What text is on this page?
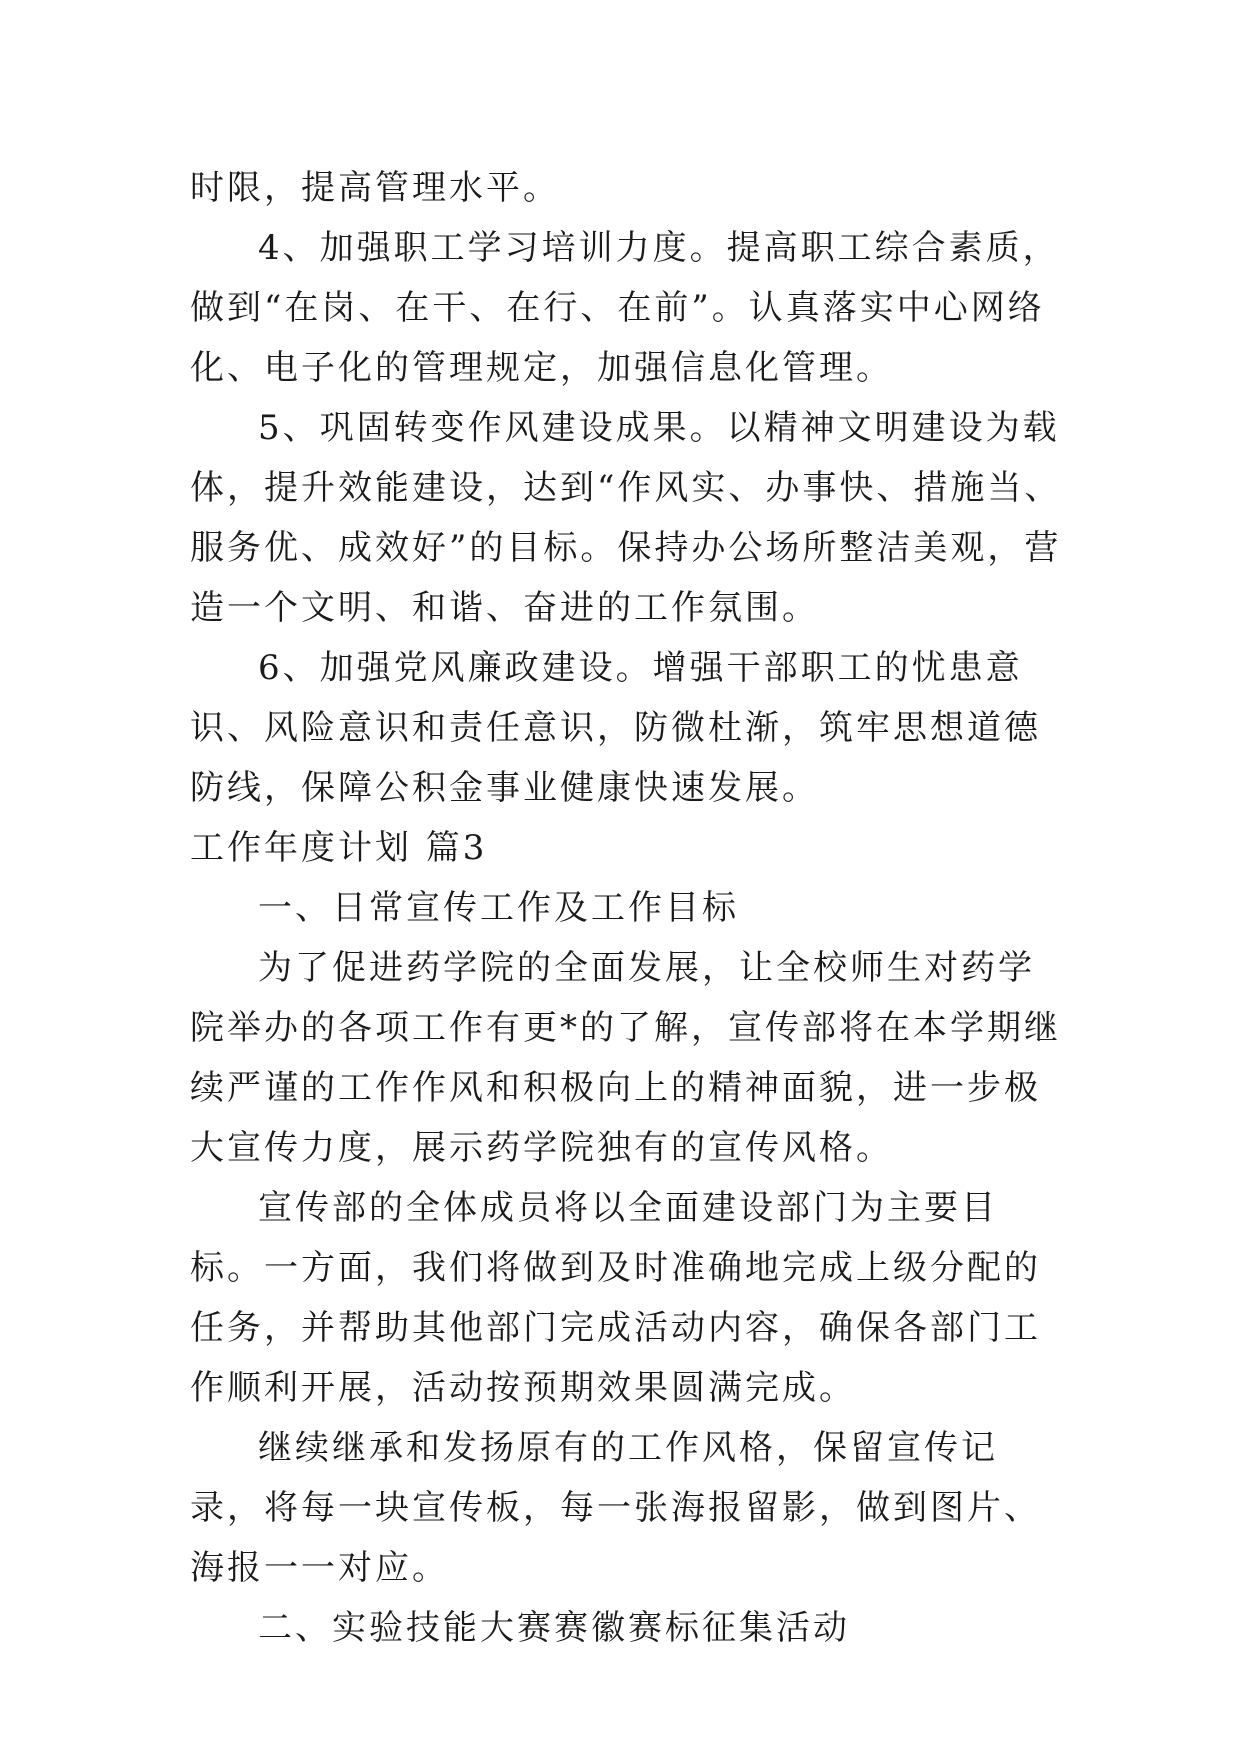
时限，提高管理水平。

4、加强职工学习培训力度。提高职工综合素质，做到“在岗、在干、在行、在前”。认真落实中心网络化、电子化的管理规定，加强信息化管理。

5、巩固转变作风建设成果。以精神文明建设为载体，提升效能建设，达到“作风实、办事快、措施当、服务优、成效好”的目标。保持办公场所整洁美观，营造一个文明、和谐、奋进的工作氛围。

6、加强党风廉政建设。增强干部职工的忧患意识、风险意识和责任意识，防微杜渐，筑牢思想道德防线，保障公积金事业健康快速发展。

工作年度计划 篇3

一、日常宣传工作及工作目标

为了促进药学院的全面发展，让全校师生对药学院举办的各项工作有更*的了解，宣传部将在本学期继续严谨的工作作风和积极向上的精神面貌，进一步极大宣传力度，展示药学院独有的宣传风格。

宣传部的全体成员将以全面建设部门为主要目标。一方面，我们将做到及时准确地完成上级分配的任务，并帮助其他部门完成活动内容，确保各部门工作顺利开展，活动按预期效果圆满完成。

继续继承和发扬原有的工作风格，保留宣传记录，将每一块宣传板，每一张海报留影，做到图片、海报一一对应。

二、实验技能大赛赛徽赛标征集活动
